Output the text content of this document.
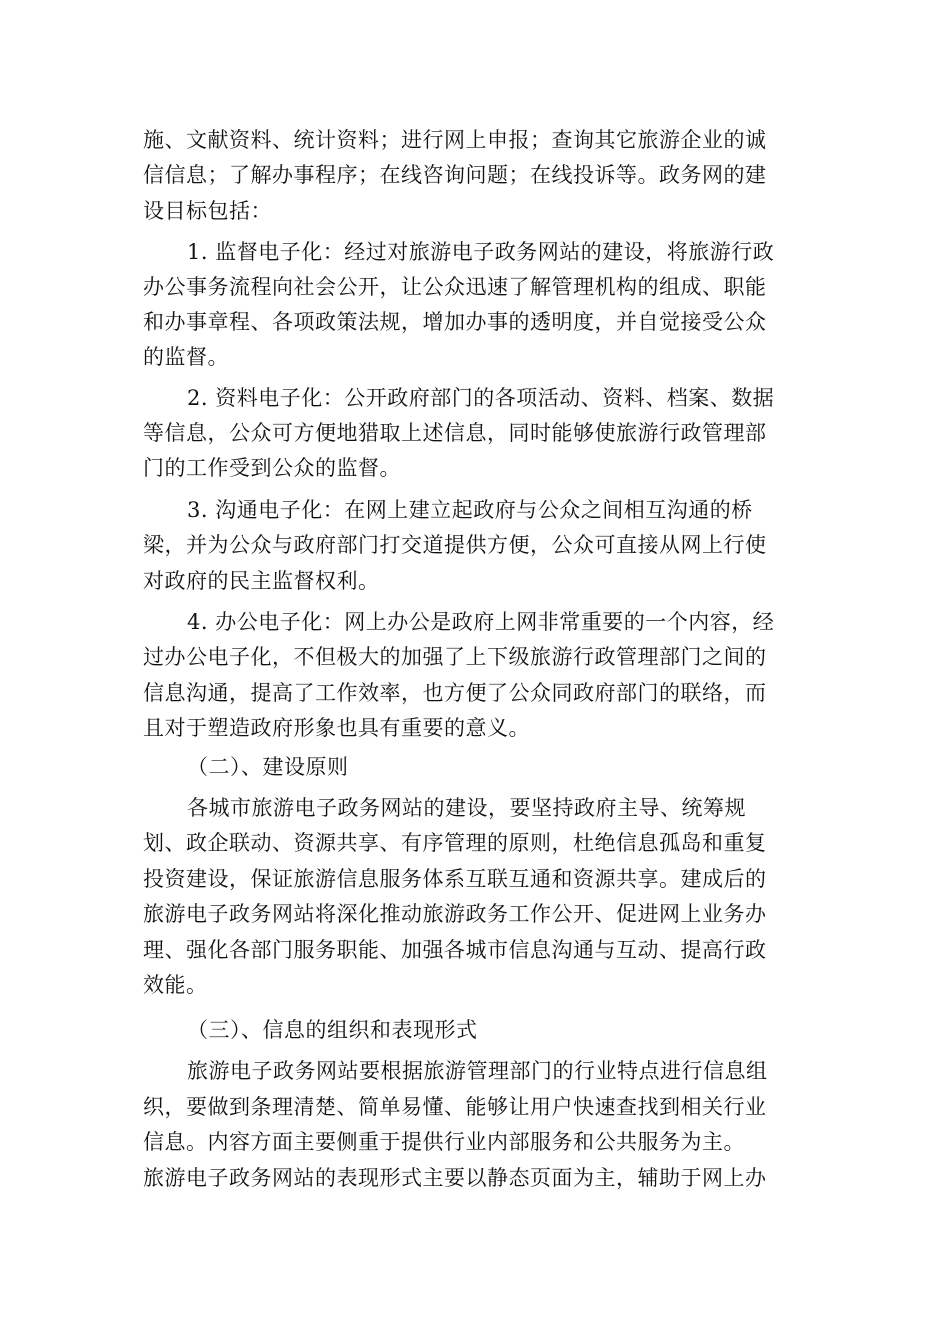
施、文献资料、统计资料；进行网上申报；查询其它旅游企业的诚
信信息；了解办事程序；在线咨询问题；在线投诉等。政务网的建
设目标包括：
1. 监督电子化：经过对旅游电子政务网站的建设，将旅游行政
办公事务流程向社会公开，让公众迅速了解管理机构的组成、职能
和办事章程、各项政策法规，增加办事的透明度，并自觉接受公众
的监督。
2. 资料电子化：公开政府部门的各项活动、资料、档案、数据
等信息，公众可方便地猎取上述信息，同时能够使旅游行政管理部
门的工作受到公众的监督。
3. 沟通电子化：在网上建立起政府与公众之间相互沟通的桥
梁，并为公众与政府部门打交道提供方便，公众可直接从网上行使
对政府的民主监督权利。
4. 办公电子化：网上办公是政府上网非常重要的一个内容，经
过办公电子化，不但极大的加强了上下级旅游行政管理部门之间的
信息沟通，提高了工作效率，也方便了公众同政府部门的联络，而
且对于塑造政府形象也具有重要的意义。
（二）、建设原则
各城市旅游电子政务网站的建设，要坚持政府主导、统筹规
划、政企联动、资源共享、有序管理的原则，杜绝信息孤岛和重复
投资建设，保证旅游信息服务体系互联互通和资源共享。建成后的
旅游电子政务网站将深化推动旅游政务工作公开、促进网上业务办
理、强化各部门服务职能、加强各城市信息沟通与互动、提高行政
效能。
（三）、信息的组织和表现形式
旅游电子政务网站要根据旅游管理部门的行业特点进行信息组
织，要做到条理清楚、简单易懂、能够让用户快速查找到相关行业
信息。内容方面主要侧重于提供行业内部服务和公共服务为主。
旅游电子政务网站的表现形式主要以静态页面为主，辅助于网上办
